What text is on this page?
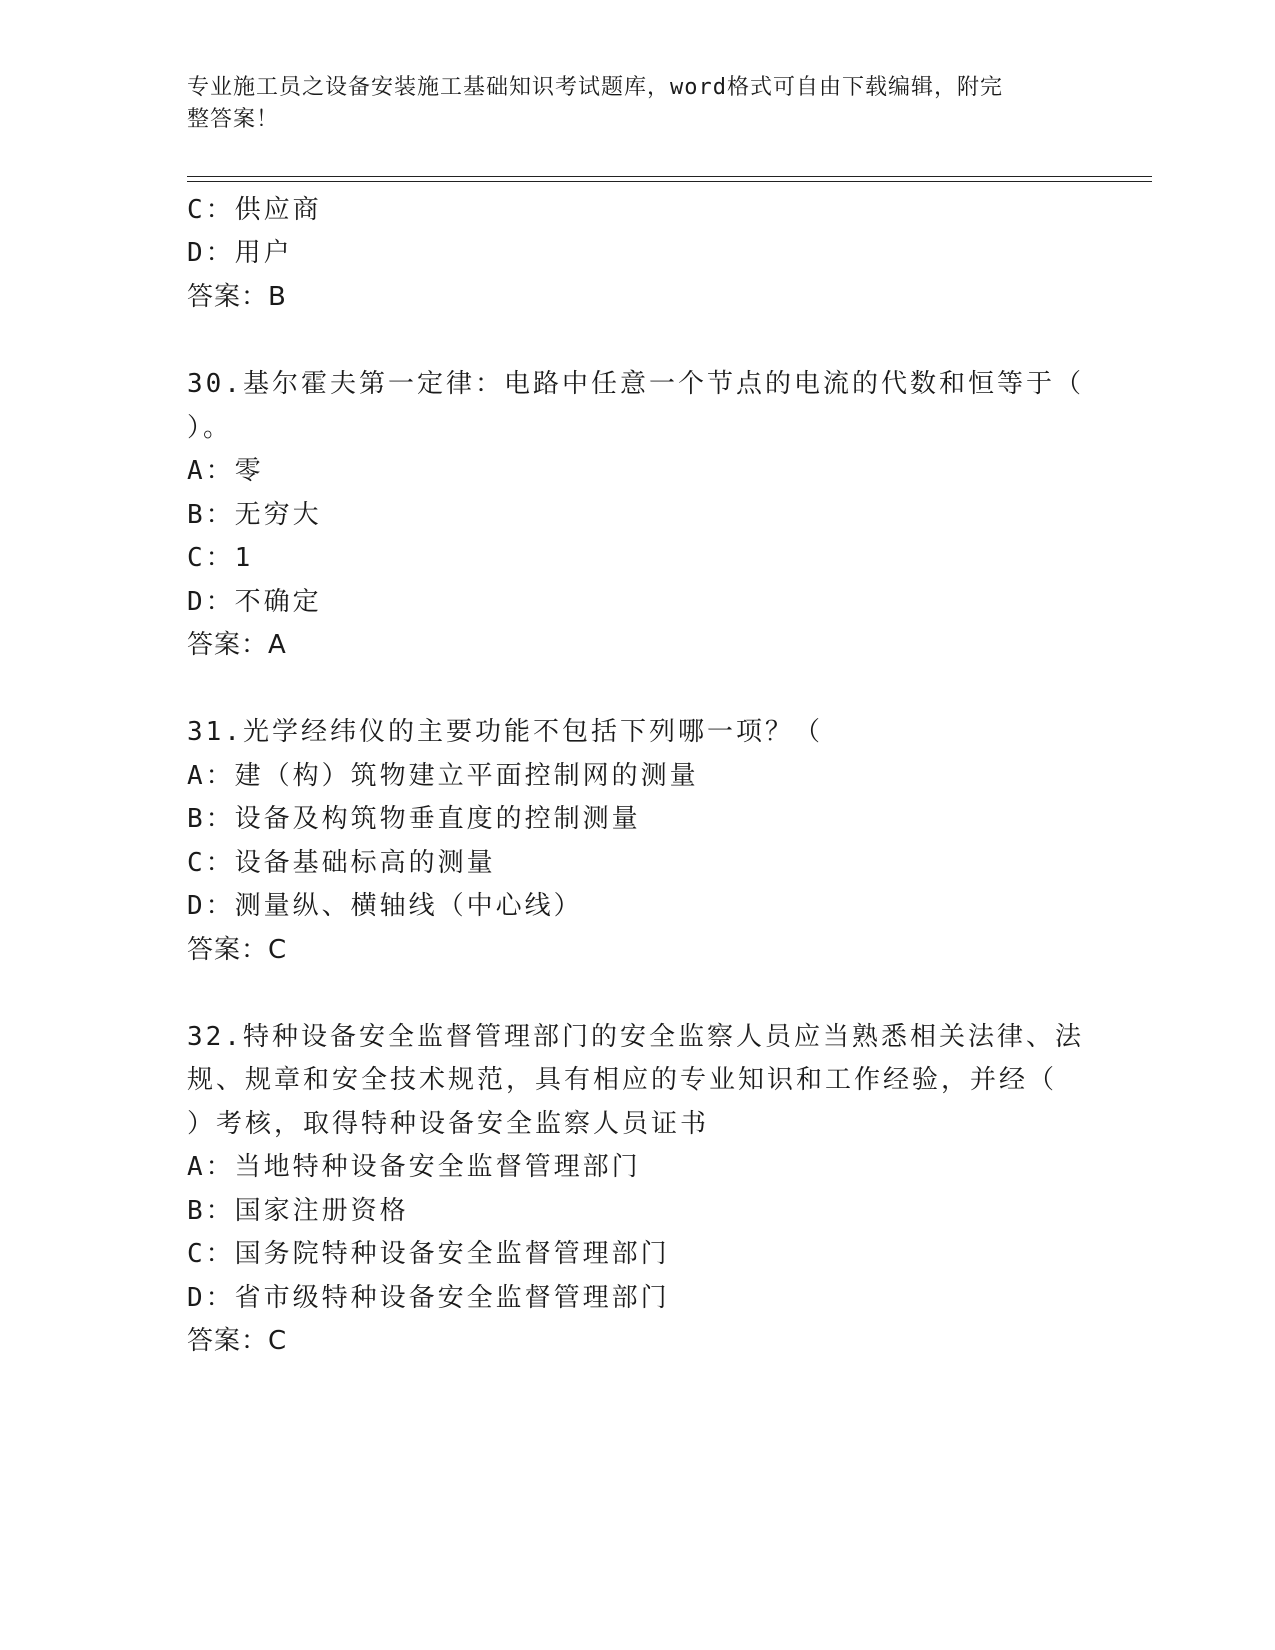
专业施工员之设备安装施工基础知识考试题库，word格式可自由下载编辑，附完
整答案！
C：供应商
D：用户
答案：B
30.基尔霍夫第一定律：电路中任意一个节点的电流的代数和恒等于（
）。
A：零
B：无穷大
C：1
D：不确定
答案：A
31.光学经纬仪的主要功能不包括下列哪一项？（
A：建（构）筑物建立平面控制网的测量
B：设备及构筑物垂直度的控制测量
C：设备基础标高的测量
D：测量纵、横轴线（中心线）
答案：C
32.特种设备安全监督管理部门的安全监察人员应当熟悉相关法律、法
规、规章和安全技术规范，具有相应的专业知识和工作经验，并经（
）考核，取得特种设备安全监察人员证书
A：当地特种设备安全监督管理部门
B：国家注册资格
C：国务院特种设备安全监督管理部门
D：省市级特种设备安全监督管理部门
答案：C
